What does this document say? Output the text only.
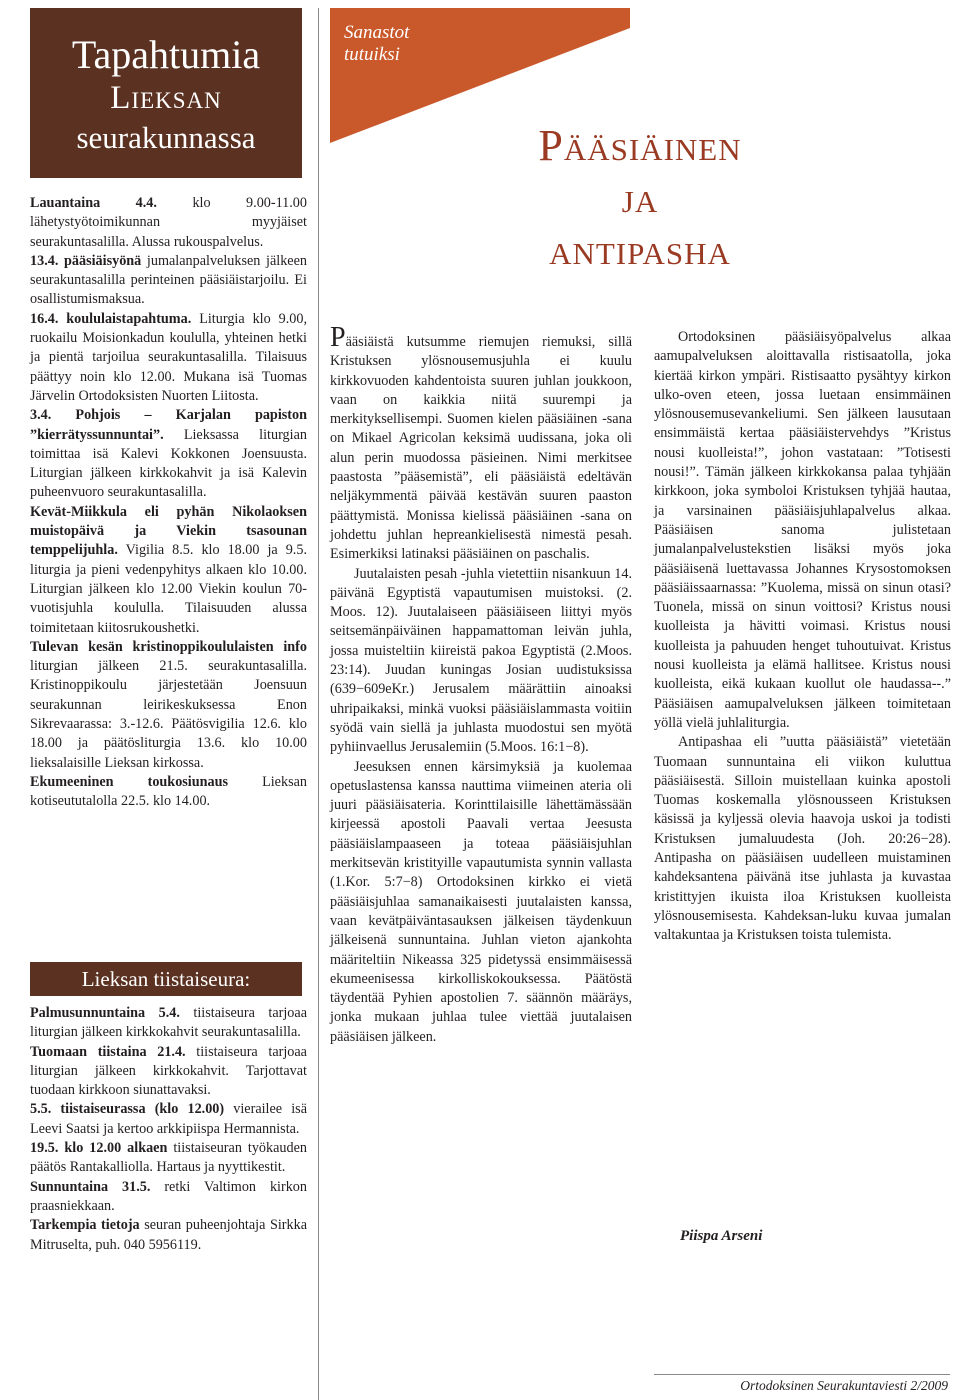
Tapahtumia
Lieksan
seurakunnassa

Lauantaina 4.4. klo 9.00-11.00 lähetystyötoimikunnan myyjäiset seurakuntasalilla. Alussa rukouspalvelus.

13.4. pääsiäisyönä jumalanpalveluksen jälkeen seurakuntasalilla perinteinen pääsiäistarjoilu. Ei osallistumismaksua.

16.4. koululaistapahtuma. Liturgia klo 9.00, ruokailu Moisionkadun koululla, yhteinen hetki ja pientä tarjoilua seurakuntasalilla. Tilaisuus päättyy noin klo 12.00. Mukana isä Tuomas Järvelin Ortodoksisten Nuorten Liitosta.

3.4. Pohjois – Karjalan papiston ”kierrätyssunnuntai”. Lieksassa liturgian toimittaa isä Kalevi Kokkonen Joensuusta. Liturgian jälkeen kirkkokahvit ja isä Kalevin puheenvuoro seurakuntasalilla.

Kevät-Miikkula eli pyhän Nikolaoksen muistopäivä ja Viekin tsasounan temppelijuhla. Vigilia 8.5. klo 18.00 ja 9.5. liturgia ja pieni vedenpyhitys alkaen klo 10.00. Liturgian jälkeen klo 12.00 Viekin koulun 70-vuotisjuhla koululla. Tilaisuuden alussa toimitetaan kiitosrukoushetki.

Tulevan kesän kristinoppikoululaisten info liturgian jälkeen 21.5. seurakuntasalilla. Kristinoppikoulu järjestetään Joensuun seurakunnan leirikeskuksessa Enon Sikrevaarassa: 3.-12.6. Päätösvigilia 12.6. klo 18.00 ja päätösliturgia 13.6. klo 10.00 lieksalaisille Lieksan kirkossa.

Ekumeeninen toukosiunaus Lieksan kotiseututalolla 22.5. klo 14.00.

Lieksan tiistaiseura:

Palmusunnuntaina 5.4. tiistaiseura tarjoaa liturgian jälkeen kirkkokahvit seurakuntasalilla.

Tuomaan tiistaina 21.4. tiistaiseura tarjoaa liturgian jälkeen kirkkokahvit. Tarjottavat tuodaan kirkkoon siunattavaksi.

5.5. tiistaiseurassa (klo 12.00) vierailee isä Leevi Saatsi ja kertoo arkkipiispa Hermannista.

19.5. klo 12.00 alkaen tiistaiseuran työkauden päätös Rantakalliolla. Hartaus ja nyyttikestit.

Sunnuntaina 31.5. retki Valtimon kirkon praasniekkaan.

Tarkempia tietoja seuran puheenjohtaja Sirkka Mitruselta, puh. 040 5956119.

Sanastot
tutuiksi
Pääsiäinen
ja
antipasha

Pääsiäistä kutsumme riemujen riemuksi, sillä Kristuksen ylösnousemusjuhla ei kuulu kirkkovuoden kahdentoista suuren juhlan joukkoon, vaan on kaikkia niitä suurempi ja merkityksellisempi. Suomen kielen pääsiäinen -sana on Mikael Agricolan keksimä uudissana, joka oli alun perin muodossa päsieinen. Nimi merkitsee paastosta ”pääsemistä”, eli pääsiäistä edeltävän neljäkymmentä päivää kestävän suuren paaston päättymistä. Monissa kielissä pääsiäinen -sana on johdettu juhlan hepreankielisestä nimestä pesah. Esimerkiksi latinaksi pääsiäinen on paschalis.

Juutalaisten pesah -juhla vietettiin nisankuun 14. päivänä Egyptistä vapautumisen muistoksi. (2. Moos. 12). Juutalaiseen pääsiäiseen liittyi myös seitsemänpäiväinen happamattoman leivän juhla, jossa muisteltiin kiireistä pakoa Egyptistä (2.Moos. 23:14). Juudan kuningas Josian uudistuksissa (639−609eKr.) Jerusalem määrättiin ainoaksi uhripaikaksi, minkä vuoksi pääsiäislammasta voitiin syödä vain siellä ja juhlasta muodostui sen myötä pyhiinvaellus Jerusalemiin (5.Moos. 16:1−8).

Jeesuksen ennen kärsimyksiä ja kuolemaa opetuslastensa kanssa nauttima viimeinen ateria oli juuri pääsiäisateria. Korinttilaisille lähettämässään kirjeessä apostoli Paavali vertaa Jeesusta pääsiäislampaaseen ja toteaa pääsiäisjuhlan merkitsevän kristityille vapautumista synnin vallasta (1.Kor. 5:7−8) Ortodoksinen kirkko ei vietä pääsiäisjuhlaa samanaikaisesti juutalaisten kanssa, vaan kevätpäiväntasauksen jälkeisen täydenkuun jälkeisenä sunnuntaina. Juhlan vieton ajankohta määriteltiin Nikeassa 325 pidetyssä ensimmäisessä ekumeenisessa kirkolliskokouksessa. Päätöstä täydentää Pyhien apostolien 7. säännön määräys, jonka mukaan juhlaa tulee viettää juutalaisen pääsiäisen jälkeen.

Ortodoksinen pääsiäisyöpalvelus alkaa aamupalveluksen aloittavalla ristisaatolla, joka kiertää kirkon ympäri. Ristisaatto pysähtyy kirkon ulko-oven eteen, jossa luetaan ensimmäinen ylösnousemusevankeliumi. Sen jälkeen lausutaan ensimmäistä kertaa pääsiäistervehdys ”Kristus nousi kuolleista!”, johon vastataan: ”Totisesti nousi!”. Tämän jälkeen kirkkokansa palaa tyhjään kirkkoon, joka symboloi Kristuksen tyhjää hautaa, ja varsinainen pääsiäisjuhlapalvelus alkaa. Pääsiäisen sanoma julistetaan jumalanpalvelustekstien lisäksi myös joka pääsiäisenä luettavassa Johannes Krysostomoksen pääsiäissaarnassa: ”Kuolema, missä on sinun otasi? Tuonela, missä on sinun voittosi? Kristus nousi kuolleista ja hävitti voimasi. Kristus nousi kuolleista ja pahuuden henget tuhoutuivat. Kristus nousi kuolleista ja elämä hallitsee. Kristus nousi kuolleista, eikä kukaan kuollut ole haudassa--.” Pääsiäisen aamupalveluksen jälkeen toimitetaan yöllä vielä juhlaliturgia.

Antipashaa eli ”uutta pääsiäistä” vietetään Tuomaan sunnuntaina eli viikon kuluttua pääsiäisestä. Silloin muistellaan kuinka apostoli Tuomas koskemalla ylösnousseen Kristuksen käsissä ja kyljessä olevia haavoja uskoi ja todisti Kristuksen jumaluudesta (Joh. 20:26−28). Antipasha on pääsiäisen uudelleen muistaminen kahdeksantena päivänä itse juhlasta ja kuvastaa kristittyjen ikuista iloa Kristuksen kuolleista ylösnousemisesta. Kahdeksan-luku kuvaa jumalan valtakuntaa ja Kristuksen toista tulemista.

Piispa Arseni
Ortodoksinen Seurakuntaviesti 2/2009
